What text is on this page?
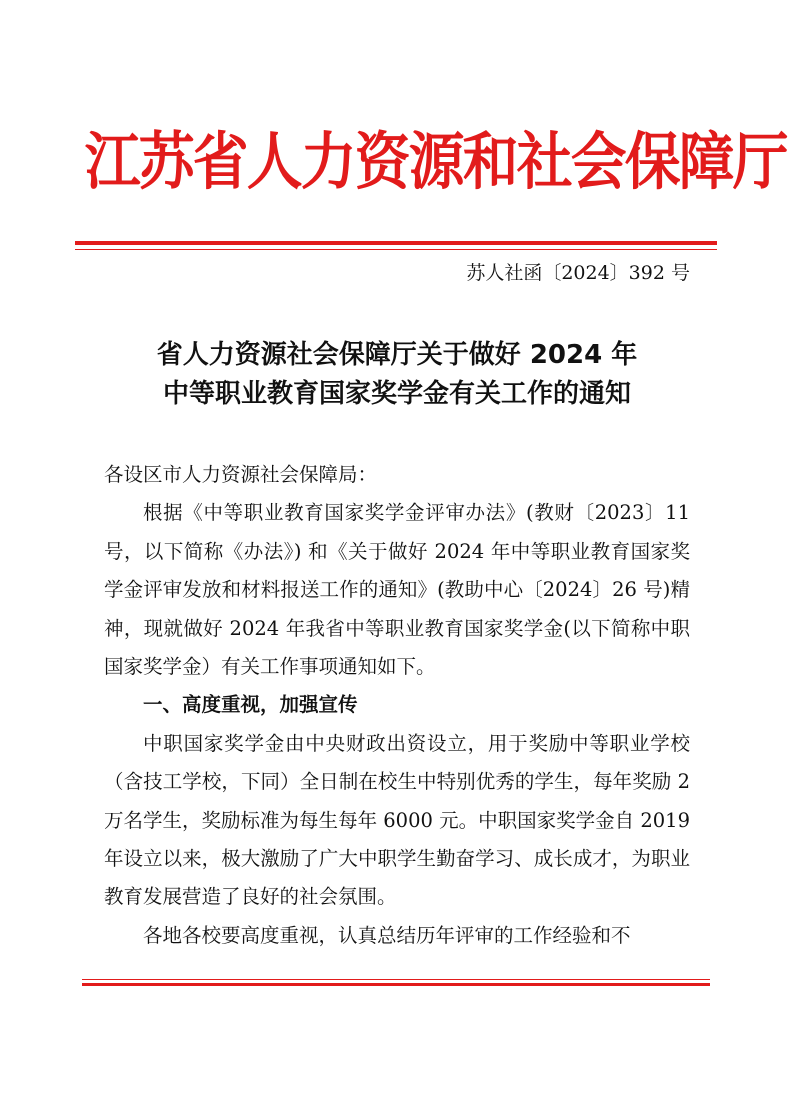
江苏省人力资源和社会保障厅
苏人社函〔2024〕392 号
省人力资源社会保障厅关于做好 2024 年
中等职业教育国家奖学金有关工作的通知

各设区市人力资源社会保障局：

根据《中等职业教育国家奖学金评审办法》(教财〔2023〕11 号，以下简称《办法》) 和《关于做好 2024 年中等职业教育国家奖学金评审发放和材料报送工作的通知》(教助中心〔2024〕26 号)精神，现就做好 2024 年我省中等职业教育国家奖学金(以下简称中职国家奖学金）有关工作事项通知如下。

一、高度重视，加强宣传

中职国家奖学金由中央财政出资设立，用于奖励中等职业学校（含技工学校，下同）全日制在校生中特别优秀的学生，每年奖励 2 万名学生，奖励标准为每生每年 6000 元。中职国家奖学金自 2019 年设立以来，极大激励了广大中职学生勤奋学习、成长成才，为职业教育发展营造了良好的社会氛围。

各地各校要高度重视，认真总结历年评审的工作经验和不
